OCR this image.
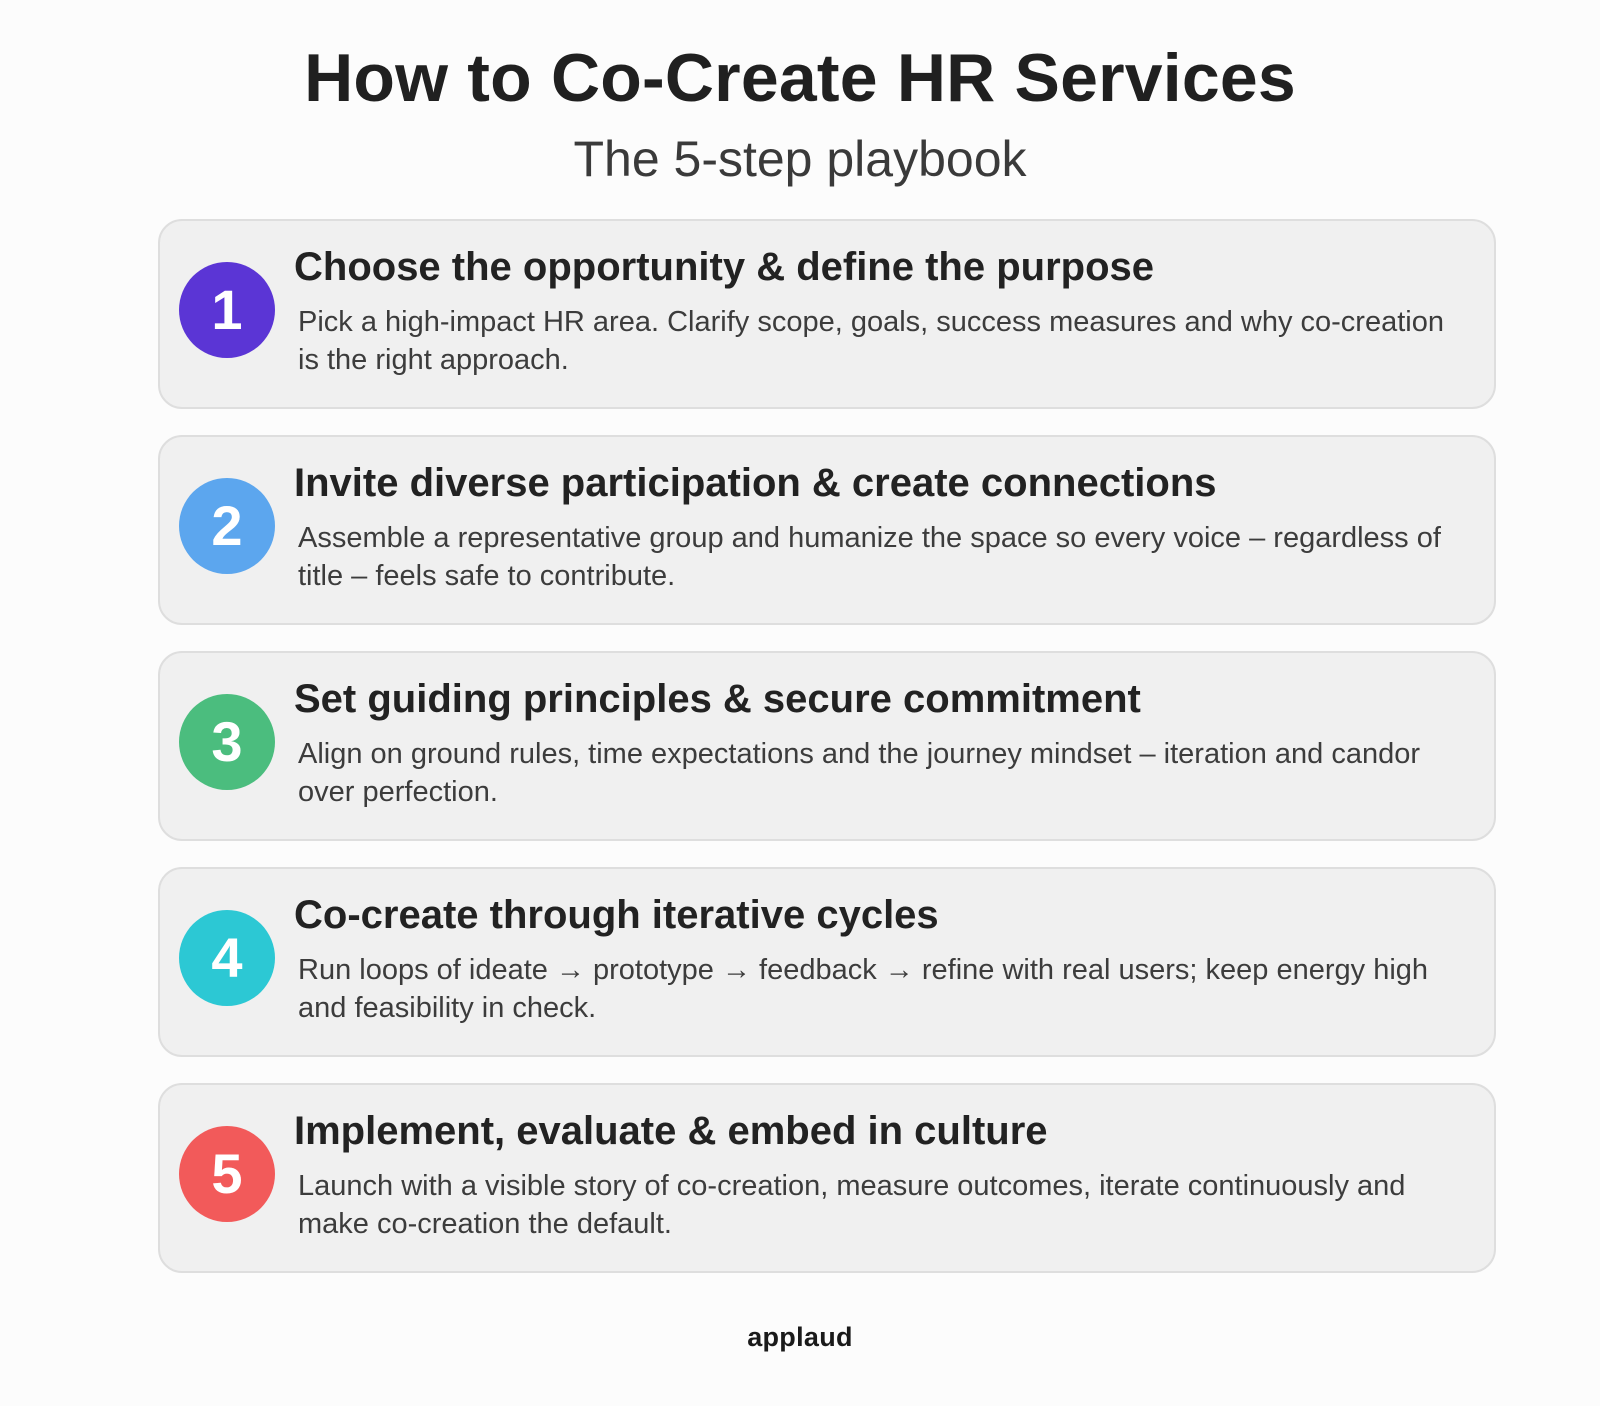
How to Co-Create HR Services
The 5-step playbook
1
Choose the opportunity & define the purpose
Pick a high-impact HR area. Clarify scope, goals, success measures and why co-creation is the right approach.
2
Invite diverse participation & create connections
Assemble a representative group and humanize the space so every voice – regardless of title – feels safe to contribute.
3
Set guiding principles & secure commitment
Align on ground rules, time expectations and the journey mindset – iteration and candor over perfection.
4
Co-create through iterative cycles
Run loops of ideate → prototype → feedback → refine with real users; keep energy high and feasibility in check.
5
Implement, evaluate & embed in culture
Launch with a visible story of co-creation, measure outcomes, iterate continuously and make co-creation the default.
applaud
